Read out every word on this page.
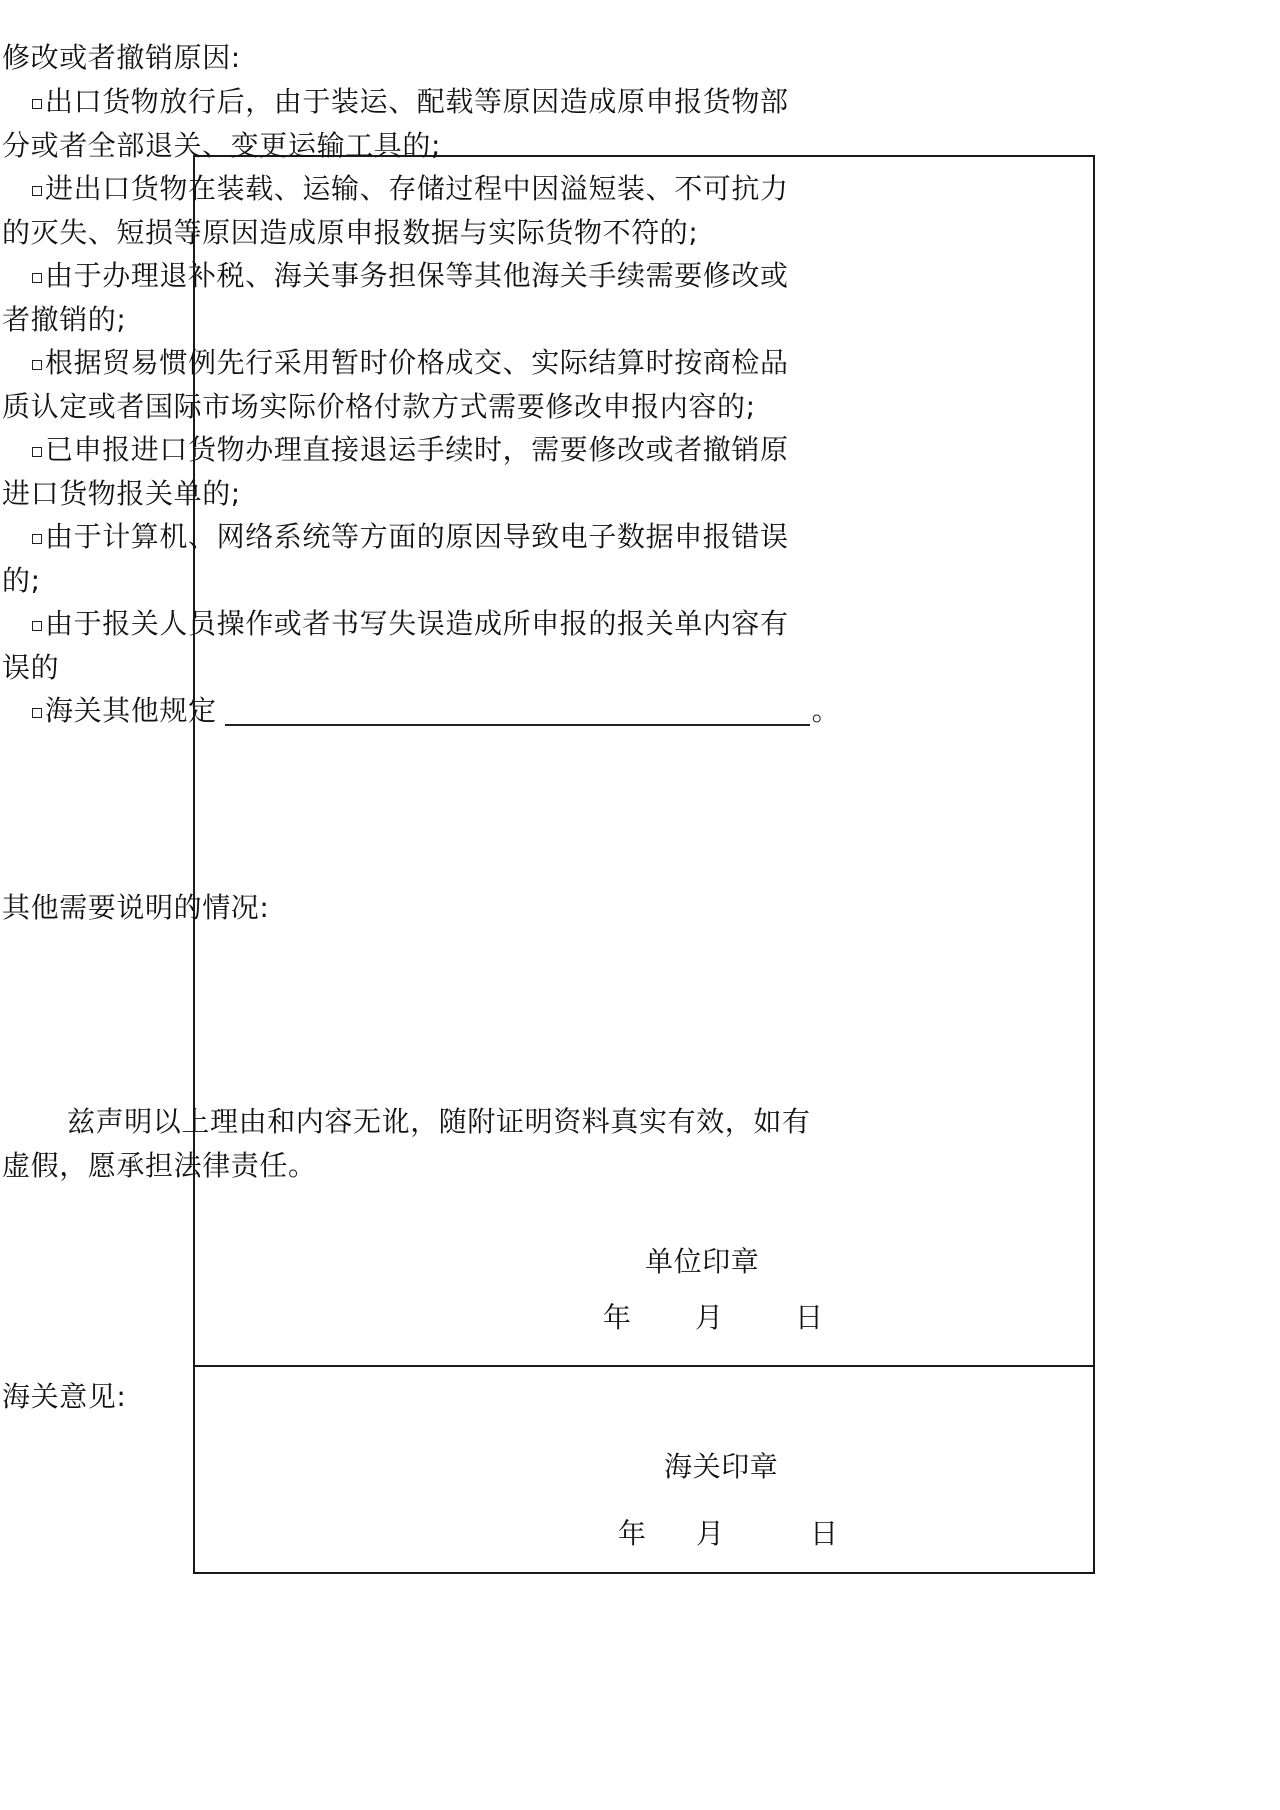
修改或者撤销原因:
出口货物放行后，由于装运、配载等原因造成原申报货物部
分或者全部退关、变更运输工具的;
进出口货物在装载、运输、存储过程中因溢短装、不可抗力
的灭失、短损等原因造成原申报数据与实际货物不符的;
由于办理退补税、海关事务担保等其他海关手续需要修改或
者撤销的;
根据贸易惯例先行采用暂时价格成交、实际结算时按商检品
质认定或者国际市场实际价格付款方式需要修改申报内容的;
已申报进口货物办理直接退运手续时，需要修改或者撤销原
进口货物报关单的;
由于计算机、网络系统等方面的原因导致电子数据申报错误
的;
由于报关人员操作或者书写失误造成所申报的报关单内容有
误的
海关其他规定	。
其他需要说明的情况:
兹声明以上理由和内容无讹，随附证明资料真实有效，如有
虚假，愿承担法律责任。
单位印章
年 月	日
海关意见:
海关印章
年 月	日
